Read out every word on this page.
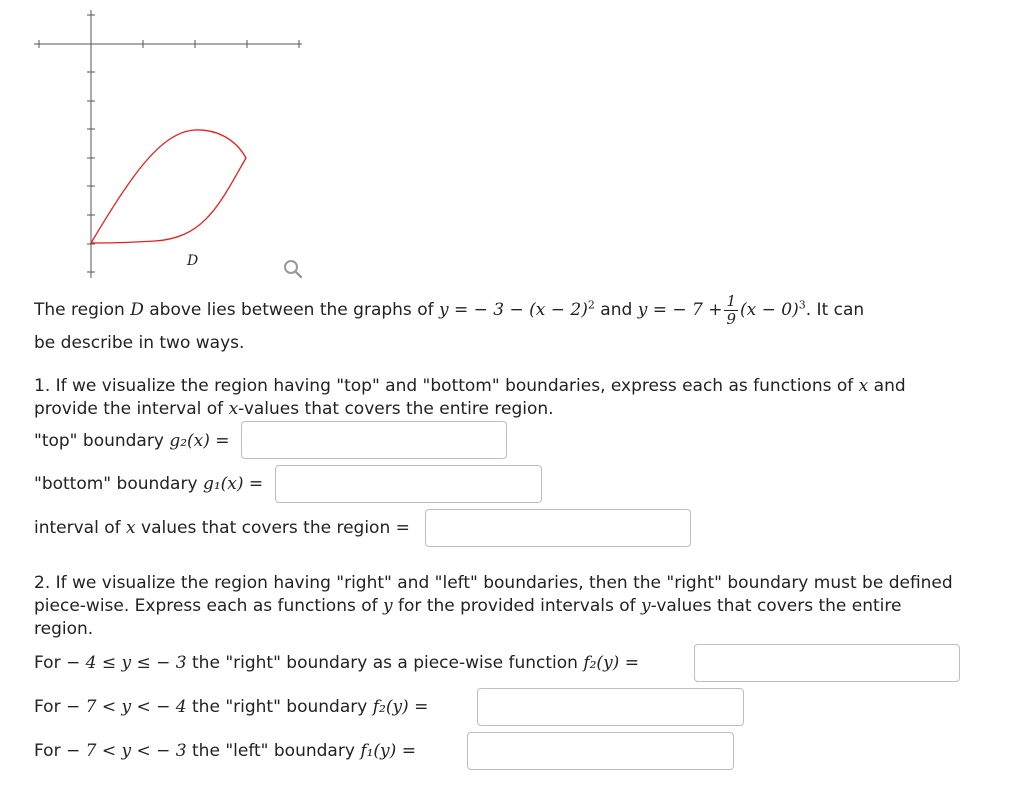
D
The region D above lies between the graphs of y = − $3 - (x - 2)^2$ and y = − $7 + \frac{1}{9} (x - 0)^3$. It can
be describe in two ways.
1. If we visualize the region having "top" and "bottom" boundaries, express each as functions of x and
provide the interval of x-values that covers the entire region.
"top" boundary g₂(x) =
"bottom" boundary g₁(x) =
interval of x values that covers the region =
2. If we visualize the region having "right" and "left" boundaries, then the "right" boundary must be defined
piece-wise. Express each as functions of y for the provided intervals of y-values that covers the entire
region.
For − 4 ≤ y ≤ − 3 the "right" boundary as a piece-wise function f₂(y) =
For − 7 < y < − 4 the "right" boundary f₂(y) =
For − 7 < y < − 3 the "left" boundary f₁(y) =
